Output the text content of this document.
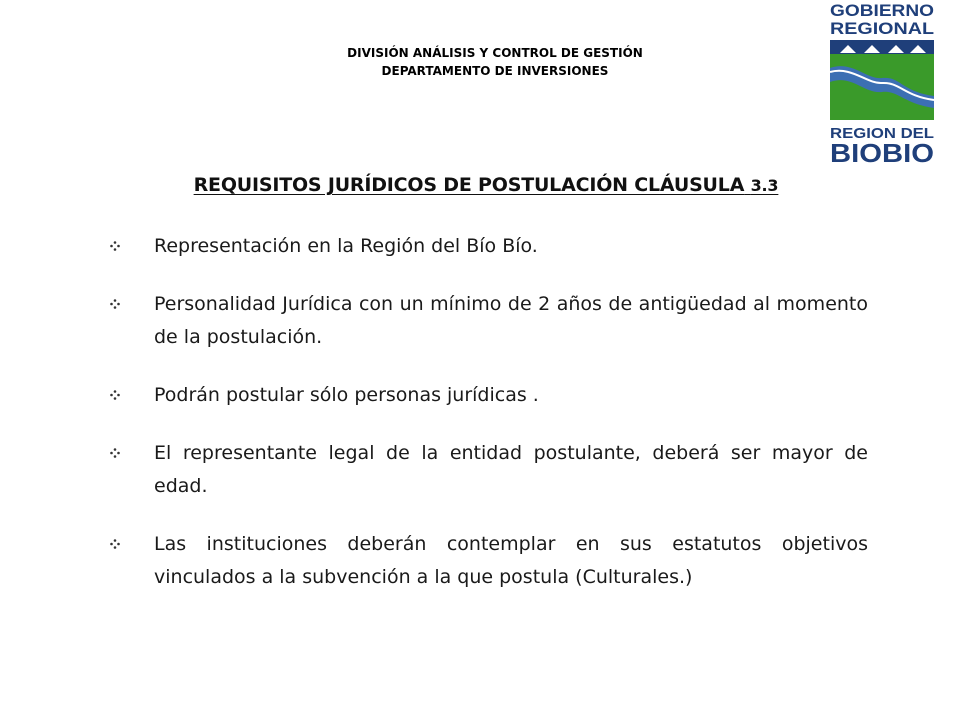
DIVISIÓN ANÁLISIS Y CONTROL DE GESTIÓN
DEPARTAMENTO DE INVERSIONES
GOBIERNO
REGIONAL
REGION DEL
BIOBIO
REQUISITOS JURÍDICOS DE POSTULACIÓN CLÁUSULA 3.3
Representación en la Región del Bío Bío.
Personalidad Jurídica con un mínimo de 2 años de antigüedad al momento de la postulación.
Podrán postular sólo personas jurídicas .
El representante legal de la entidad postulante, deberá ser mayor de edad.
Las instituciones deberán contemplar en sus estatutos objetivos vinculados a la subvención a la que postula (Culturales.)
